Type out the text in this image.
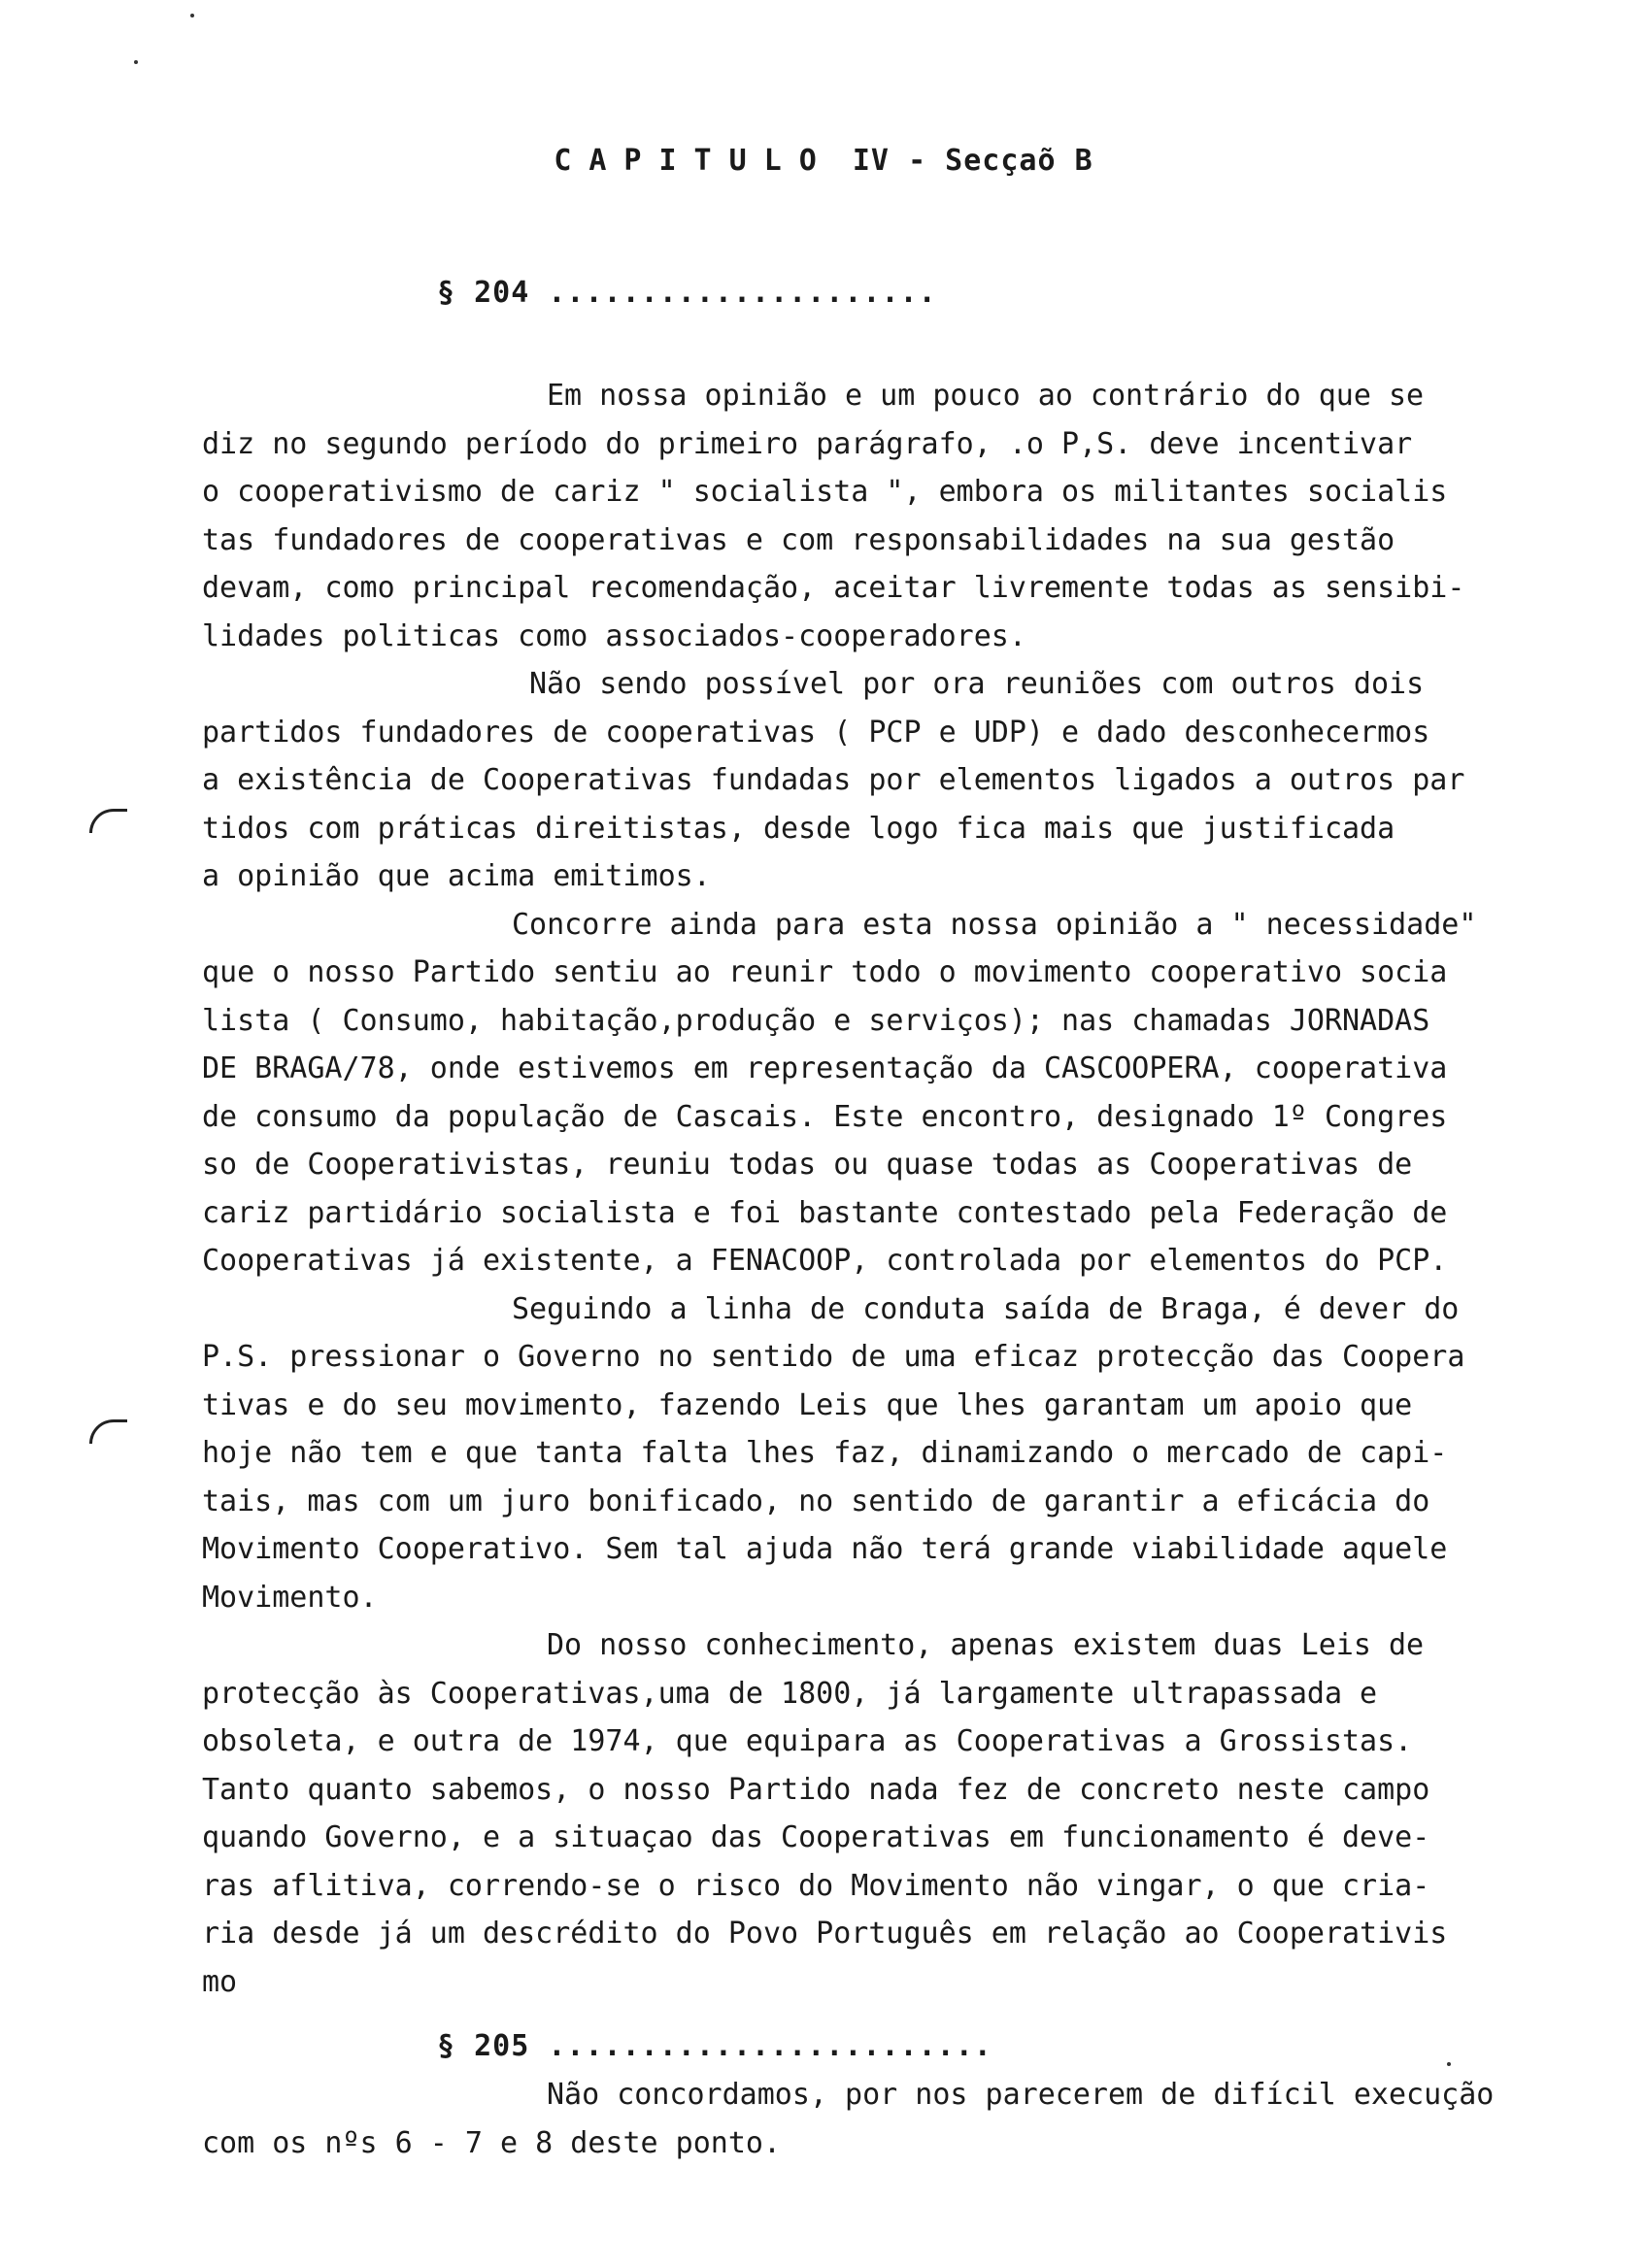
CAPITULO IV - Secçaõ B
§ 204 .....................
Em nossa opinião e um pouco ao contrário do que se
diz no segundo período do primeiro parágrafo, .o P,S. deve incentivar
o cooperativismo de cariz " socialista ", embora os militantes socialis
tas fundadores de cooperativas e com responsabilidades na sua gestão
devam, como principal recomendação, aceitar livremente todas as sensibi-
lidades politicas como associados-cooperadores.
Não sendo possível por ora reuniões com outros dois
partidos fundadores de cooperativas ( PCP e UDP) e dado desconhecermos
a existência de Cooperativas fundadas por elementos ligados a outros par
tidos com práticas direitistas, desde logo fica mais que justificada
a opinião que acima emitimos.
Concorre ainda para esta nossa opinião a " necessidade"
que o nosso Partido sentiu ao reunir todo o movimento cooperativo socia
lista ( Consumo, habitação,produção e serviços); nas chamadas JORNADAS
DE BRAGA/78, onde estivemos em representação da CASCOOPERA, cooperativa
de consumo da população de Cascais. Este encontro, designado 1º Congres
so de Cooperativistas, reuniu todas ou quase todas as Cooperativas de
cariz partidário socialista e foi bastante contestado pela Federação de
Cooperativas já existente, a FENACOOP, controlada por elementos do PCP.
Seguindo a linha de conduta saída de Braga, é dever do
P.S. pressionar o Governo no sentido de uma eficaz protecção das Coopera
tivas e do seu movimento, fazendo Leis que lhes garantam um apoio que
hoje não tem e que tanta falta lhes faz, dinamizando o mercado de capi-
tais, mas com um juro bonificado, no sentido de garantir a eficácia do
Movimento Cooperativo. Sem tal ajuda não terá grande viabilidade aquele
Movimento.
Do nosso conhecimento, apenas existem duas Leis de
protecção às Cooperativas,uma de 1800, já largamente ultrapassada e
obsoleta, e outra de 1974, que equipara as Cooperativas a Grossistas.
Tanto quanto sabemos, o nosso Partido nada fez de concreto neste campo
quando Governo, e a situaçao das Cooperativas em funcionamento é deve-
ras aflitiva, correndo-se o risco do Movimento não vingar, o que cria-
ria desde já um descrédito do Povo Português em relação ao Cooperativis
mo
§ 205 ........................
Não concordamos, por nos parecerem de difícil execução
com os nºs 6 - 7 e 8 deste ponto.
